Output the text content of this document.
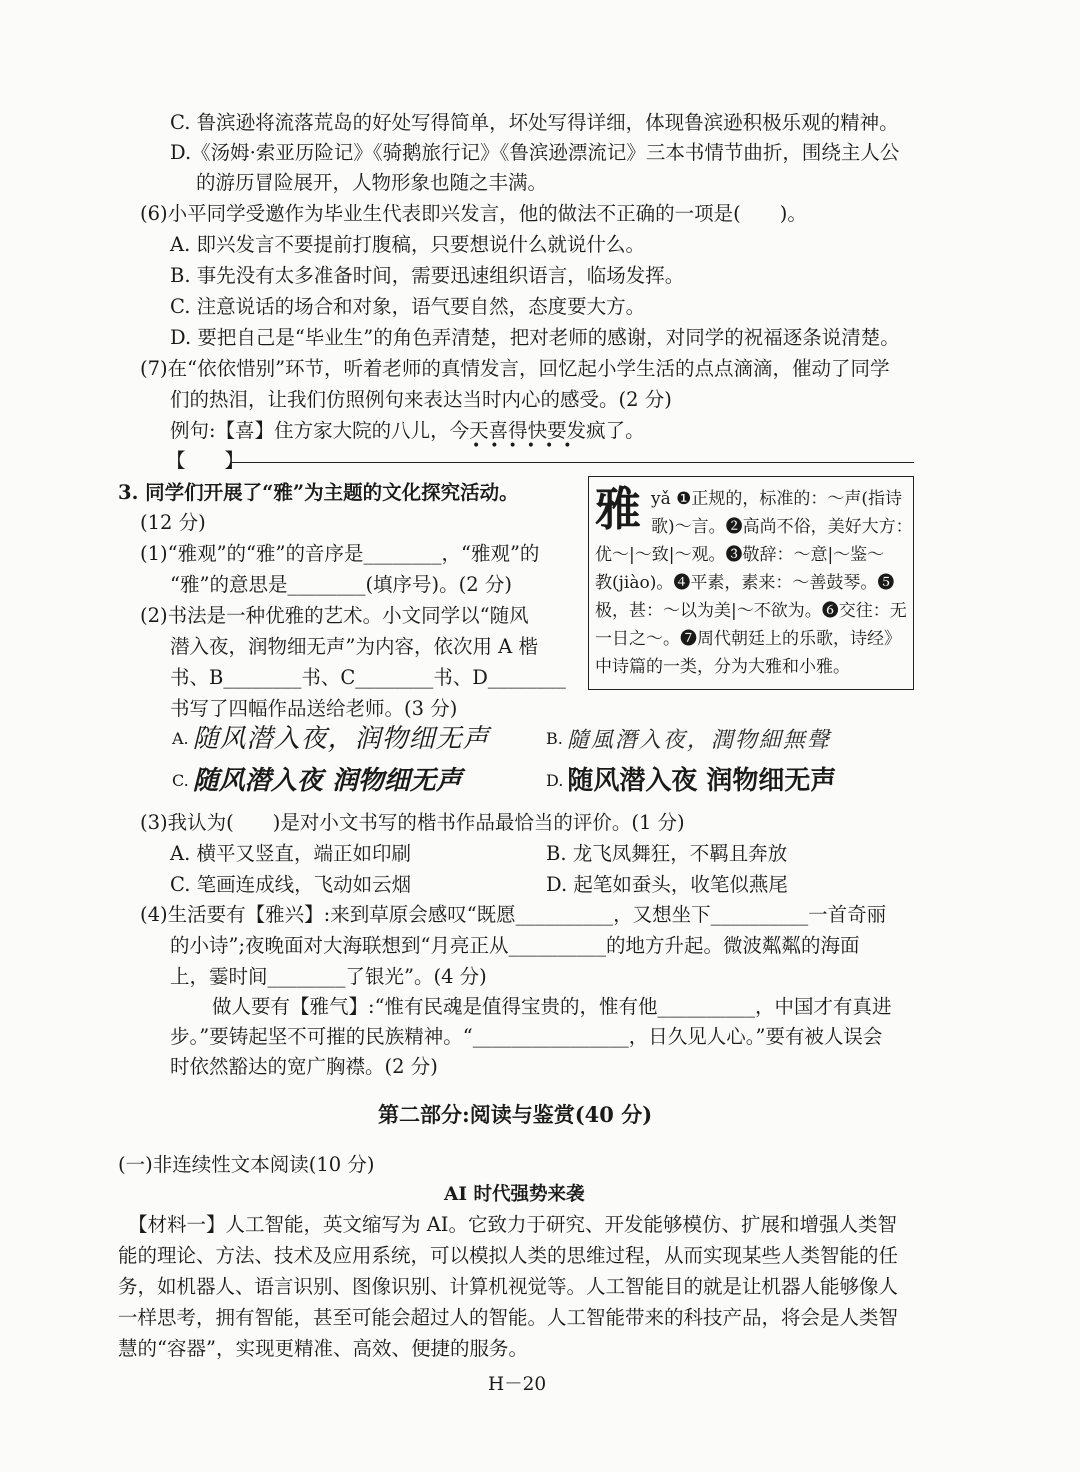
C. 鲁滨逊将流落荒岛的好处写得简单，坏处写得详细，体现鲁滨逊积极乐观的精神。
D.《汤姆·索亚历险记》《骑鹅旅行记》《鲁滨逊漂流记》三本书情节曲折，围绕主人公
的游历冒险展开，人物形象也随之丰满。
(6)小平同学受邀作为毕业生代表即兴发言，他的做法不正确的一项是(　　)。
A. 即兴发言不要提前打腹稿，只要想说什么就说什么。
B. 事先没有太多准备时间，需要迅速组织语言，临场发挥。
C. 注意说话的场合和对象，语气要自然，态度要大方。
D. 要把自己是“毕业生”的角色弄清楚，把对老师的感谢，对同学的祝福逐条说清楚。
(7)在“依依惜别”环节，听着老师的真情发言，回忆起小学生活的点点滴滴，催动了同学
们的热泪，让我们仿照例句来表达当时内心的感受。(2 分)
例句:【喜】住方家大院的八儿，今天喜得快要发疯了。
••••••
【　　】
3. 同学们开展了“雅”为主题的文化探究活动。
(12 分)
(1)“雅观”的“雅”的音序是________，“雅观”的
“雅”的意思是________(填序号)。(2 分)
(2)书法是一种优雅的艺术。小文同学以“随风
潜入夜，润物细无声”为内容，依次用 A 楷
书、B________书、C________书、D________
书写了四幅作品送给老师。(3 分)
雅 yǎ ❶正规的，标准的：～声(指诗
歌)～言。❷高尚不俗，美好大方：
优～|～致|～观。❸敬辞：～意|～鉴～
教(jiào)。❹平素，素来：～善鼓琴。❺
极，甚：～以为美|～不欲为。❻交往：无
一日之～。❼周代朝廷上的乐歌，诗经》
中诗篇的一类，分为大雅和小雅。
$^{A.}$ 随风潜入夜，润物细无声	$^{B.}$ 隨風潛入夜，潤物細無聲
$^{C.}$ 随风潜入夜 润物细无声	$^{D.}$ 随风潜入夜 润物细无声
(3)我认为(　　)是对小文书写的楷书作品最恰当的评价。(1 分)
A. 横平又竖直，端正如印刷	B. 龙飞凤舞狂，不羁且奔放
C. 笔画连成线，飞动如云烟	D. 起笔如蚕头，收笔似燕尾
(4)生活要有【雅兴】:来到草原会感叹“既愿__________，又想坐下__________一首奇丽
的小诗”;夜晚面对大海联想到“月亮正从__________的地方升起。微波粼粼的海面
上，霎时间________了银光”。(4 分)
做人要有【雅气】:“惟有民魂是值得宝贵的，惟有他__________，中国才有真进
步。”要铸起坚不可摧的民族精神。“________________，日久见人心。”要有被人误会
时依然豁达的宽广胸襟。(2 分)
第二部分:阅读与鉴赏(40 分)
(一)非连续性文本阅读(10 分)
AI 时代强势来袭
【材料一】人工智能，英文缩写为 AI。它致力于研究、开发能够模仿、扩展和增强人类智
能的理论、方法、技术及应用系统，可以模拟人类的思维过程，从而实现某些人类智能的任
务，如机器人、语言识别、图像识别、计算机视觉等。人工智能目的就是让机器人能够像人
一样思考，拥有智能，甚至可能会超过人的智能。人工智能带来的科技产品，将会是人类智
慧的“容器”，实现更精准、高效、便捷的服务。
H－20
